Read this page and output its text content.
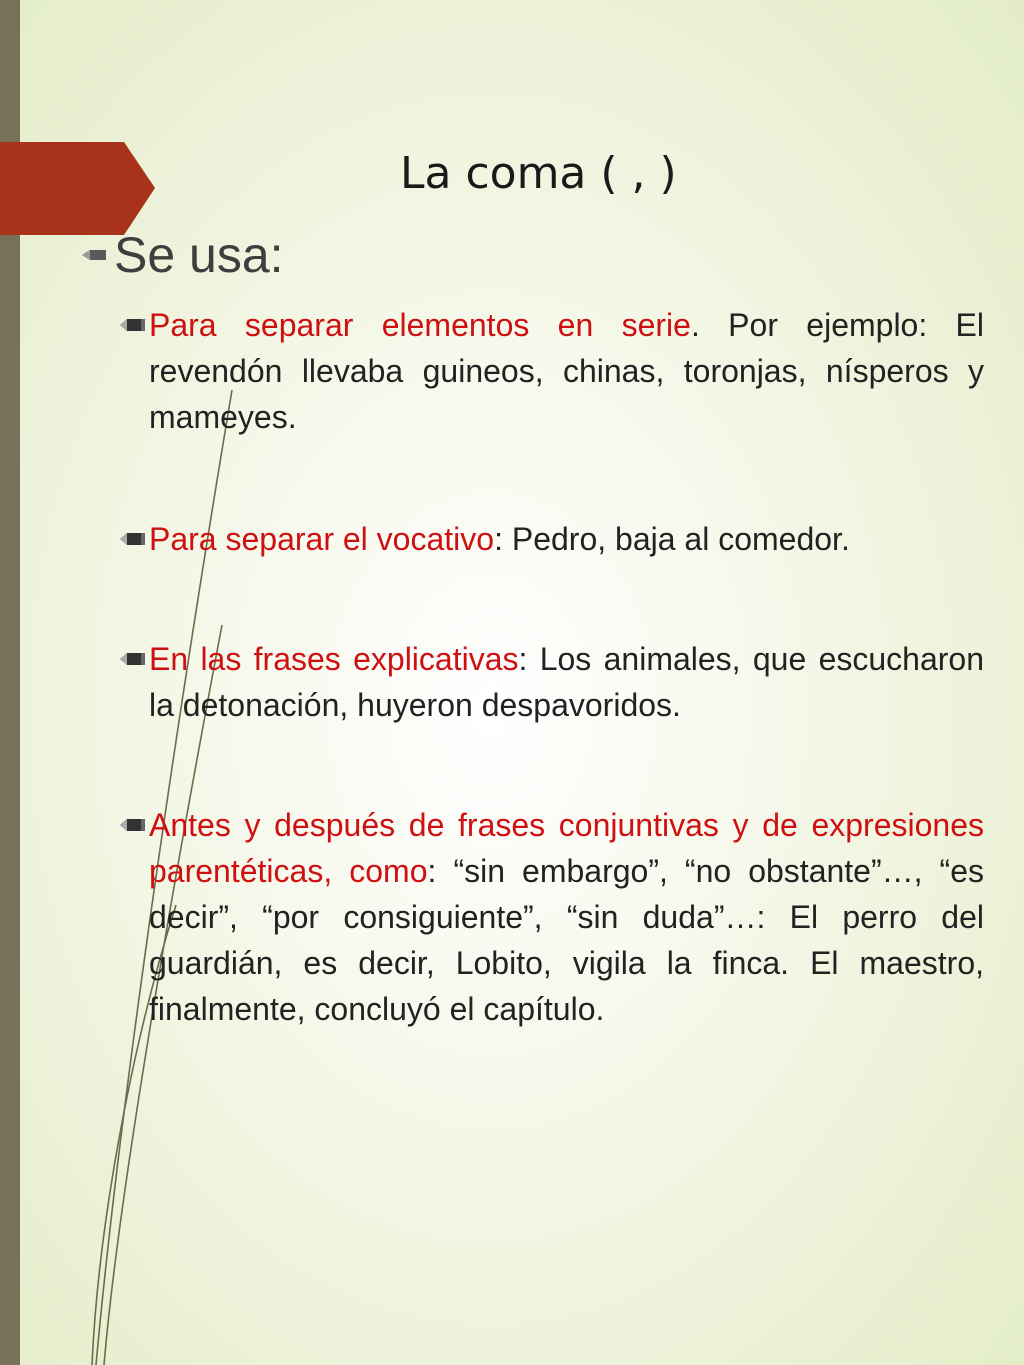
La coma ( , )
Se usa:
Para separar elementos en serie. Por ejemplo: El revendón llevaba guineos, chinas, toronjas, nísperos y mameyes.
Para separar el vocativo: Pedro, baja al comedor.
En las frases explicativas: Los animales, que escucharon la detonación, huyeron despavoridos.
Antes y después de frases conjuntivas y de expresiones parentéticas, como: “sin embargo”, “no obstante”…, “es decir”, “por consiguiente”, “sin duda”…: El perro del guardián, es decir, Lobito, vigila la finca. El maestro, finalmente, concluyó el capítulo.
